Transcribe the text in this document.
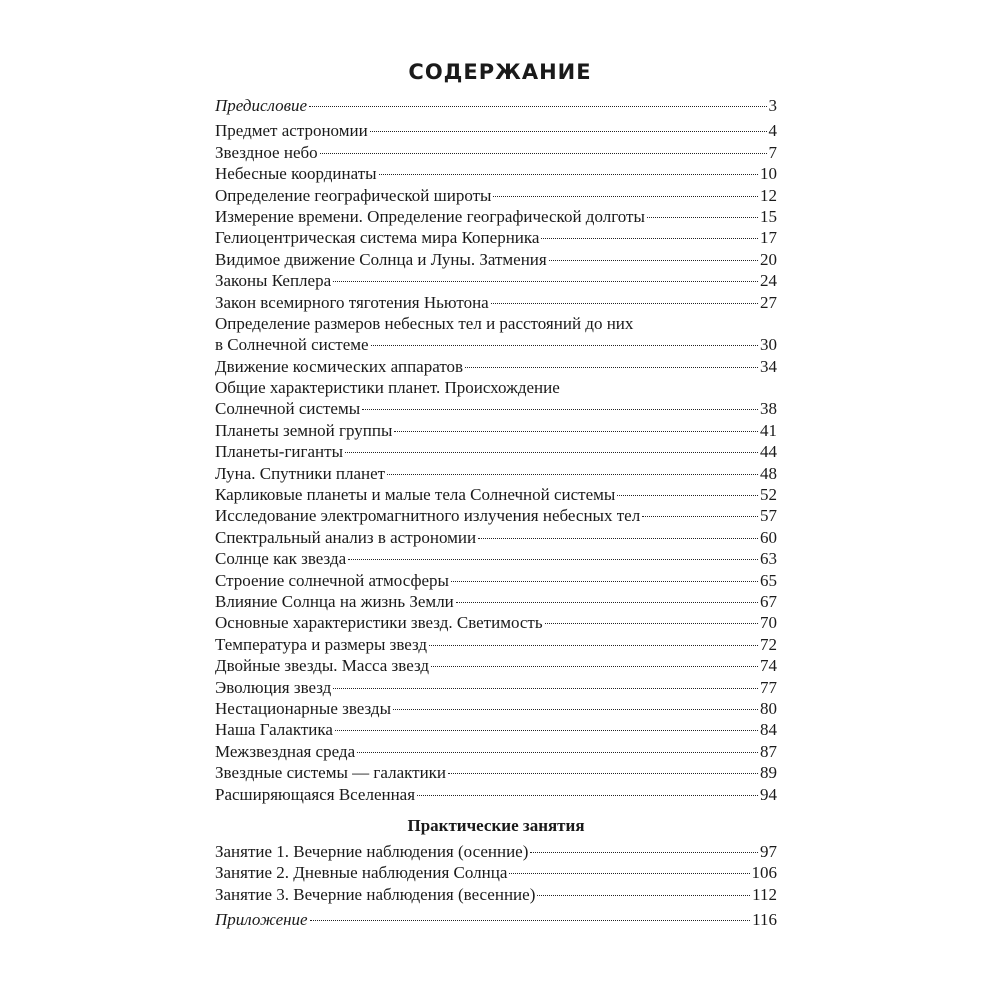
СОДЕРЖАНИЕ
Предисловие	3
Предмет астрономии	4
Звездное небо	7
Небесные координаты	10
Определение географической широты	12
Измерение времени. Определение географической долготы	15
Гелиоцентрическая система мира Коперника	17
Видимое движение Солнца и Луны. Затмения	20
Законы Кеплера	24
Закон всемирного тяготения Ньютона	27
Определение размеров небесных тел и расстояний до них
в Солнечной системе	30
Движение космических аппаратов	34
Общие характеристики планет. Происхождение
Солнечной системы	38
Планеты земной группы	41
Планеты-гиганты	44
Луна. Спутники планет	48
Карликовые планеты и малые тела Солнечной системы	52
Исследование электромагнитного излучения небесных тел	57
Спектральный анализ в астрономии	60
Солнце как звезда	63
Строение солнечной атмосферы	65
Влияние Солнца на жизнь Земли	67
Основные характеристики звезд. Светимость	70
Температура и размеры звезд	72
Двойные звезды. Масса звезд	74
Эволюция звезд	77
Нестационарные звезды	80
Наша Галактика	84
Межзвездная среда	87
Звездные системы — галактики	89
Расширяющаяся Вселенная	94
Практические занятия
Занятие 1. Вечерние наблюдения (осенние)	97
Занятие 2. Дневные наблюдения Солнца	106
Занятие 3. Вечерние наблюдения (весенние)	112
Приложение	116
